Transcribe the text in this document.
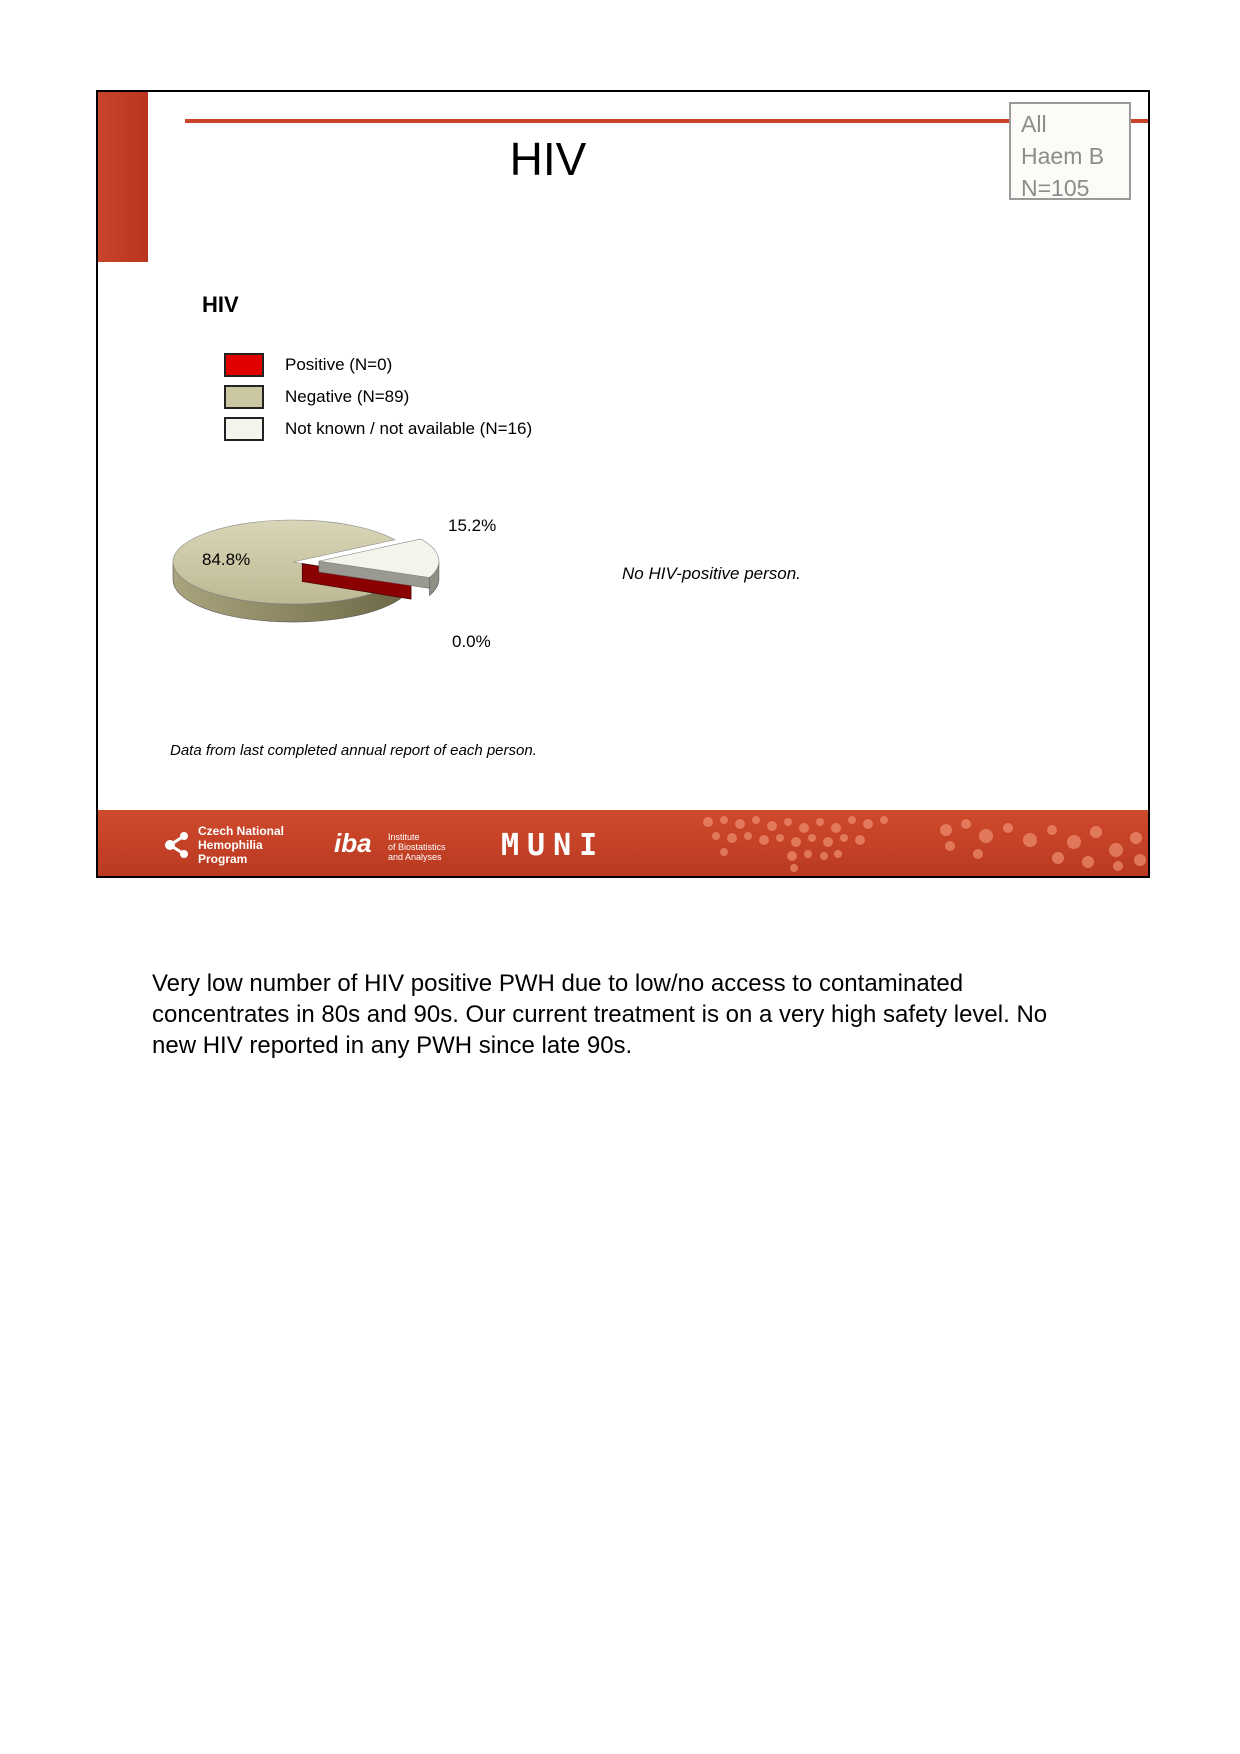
HIV
All
Haem B
N=105
HIV
Positive (N=0)
Negative (N=89)
Not known / not available (N=16)
15.2%
84.8%
0.0%
No HIV-positive person.
Data from last completed annual report of each person.
Czech National
Hemophilia
Program
iba Institute
of Biostatistics
and Analyses MUNI
Very low number of HIV positive PWH due to low/no access to contaminated concentrates in 80s and 90s. Our current treatment is on a very high safety level. No new HIV reported in any PWH since late 90s.
